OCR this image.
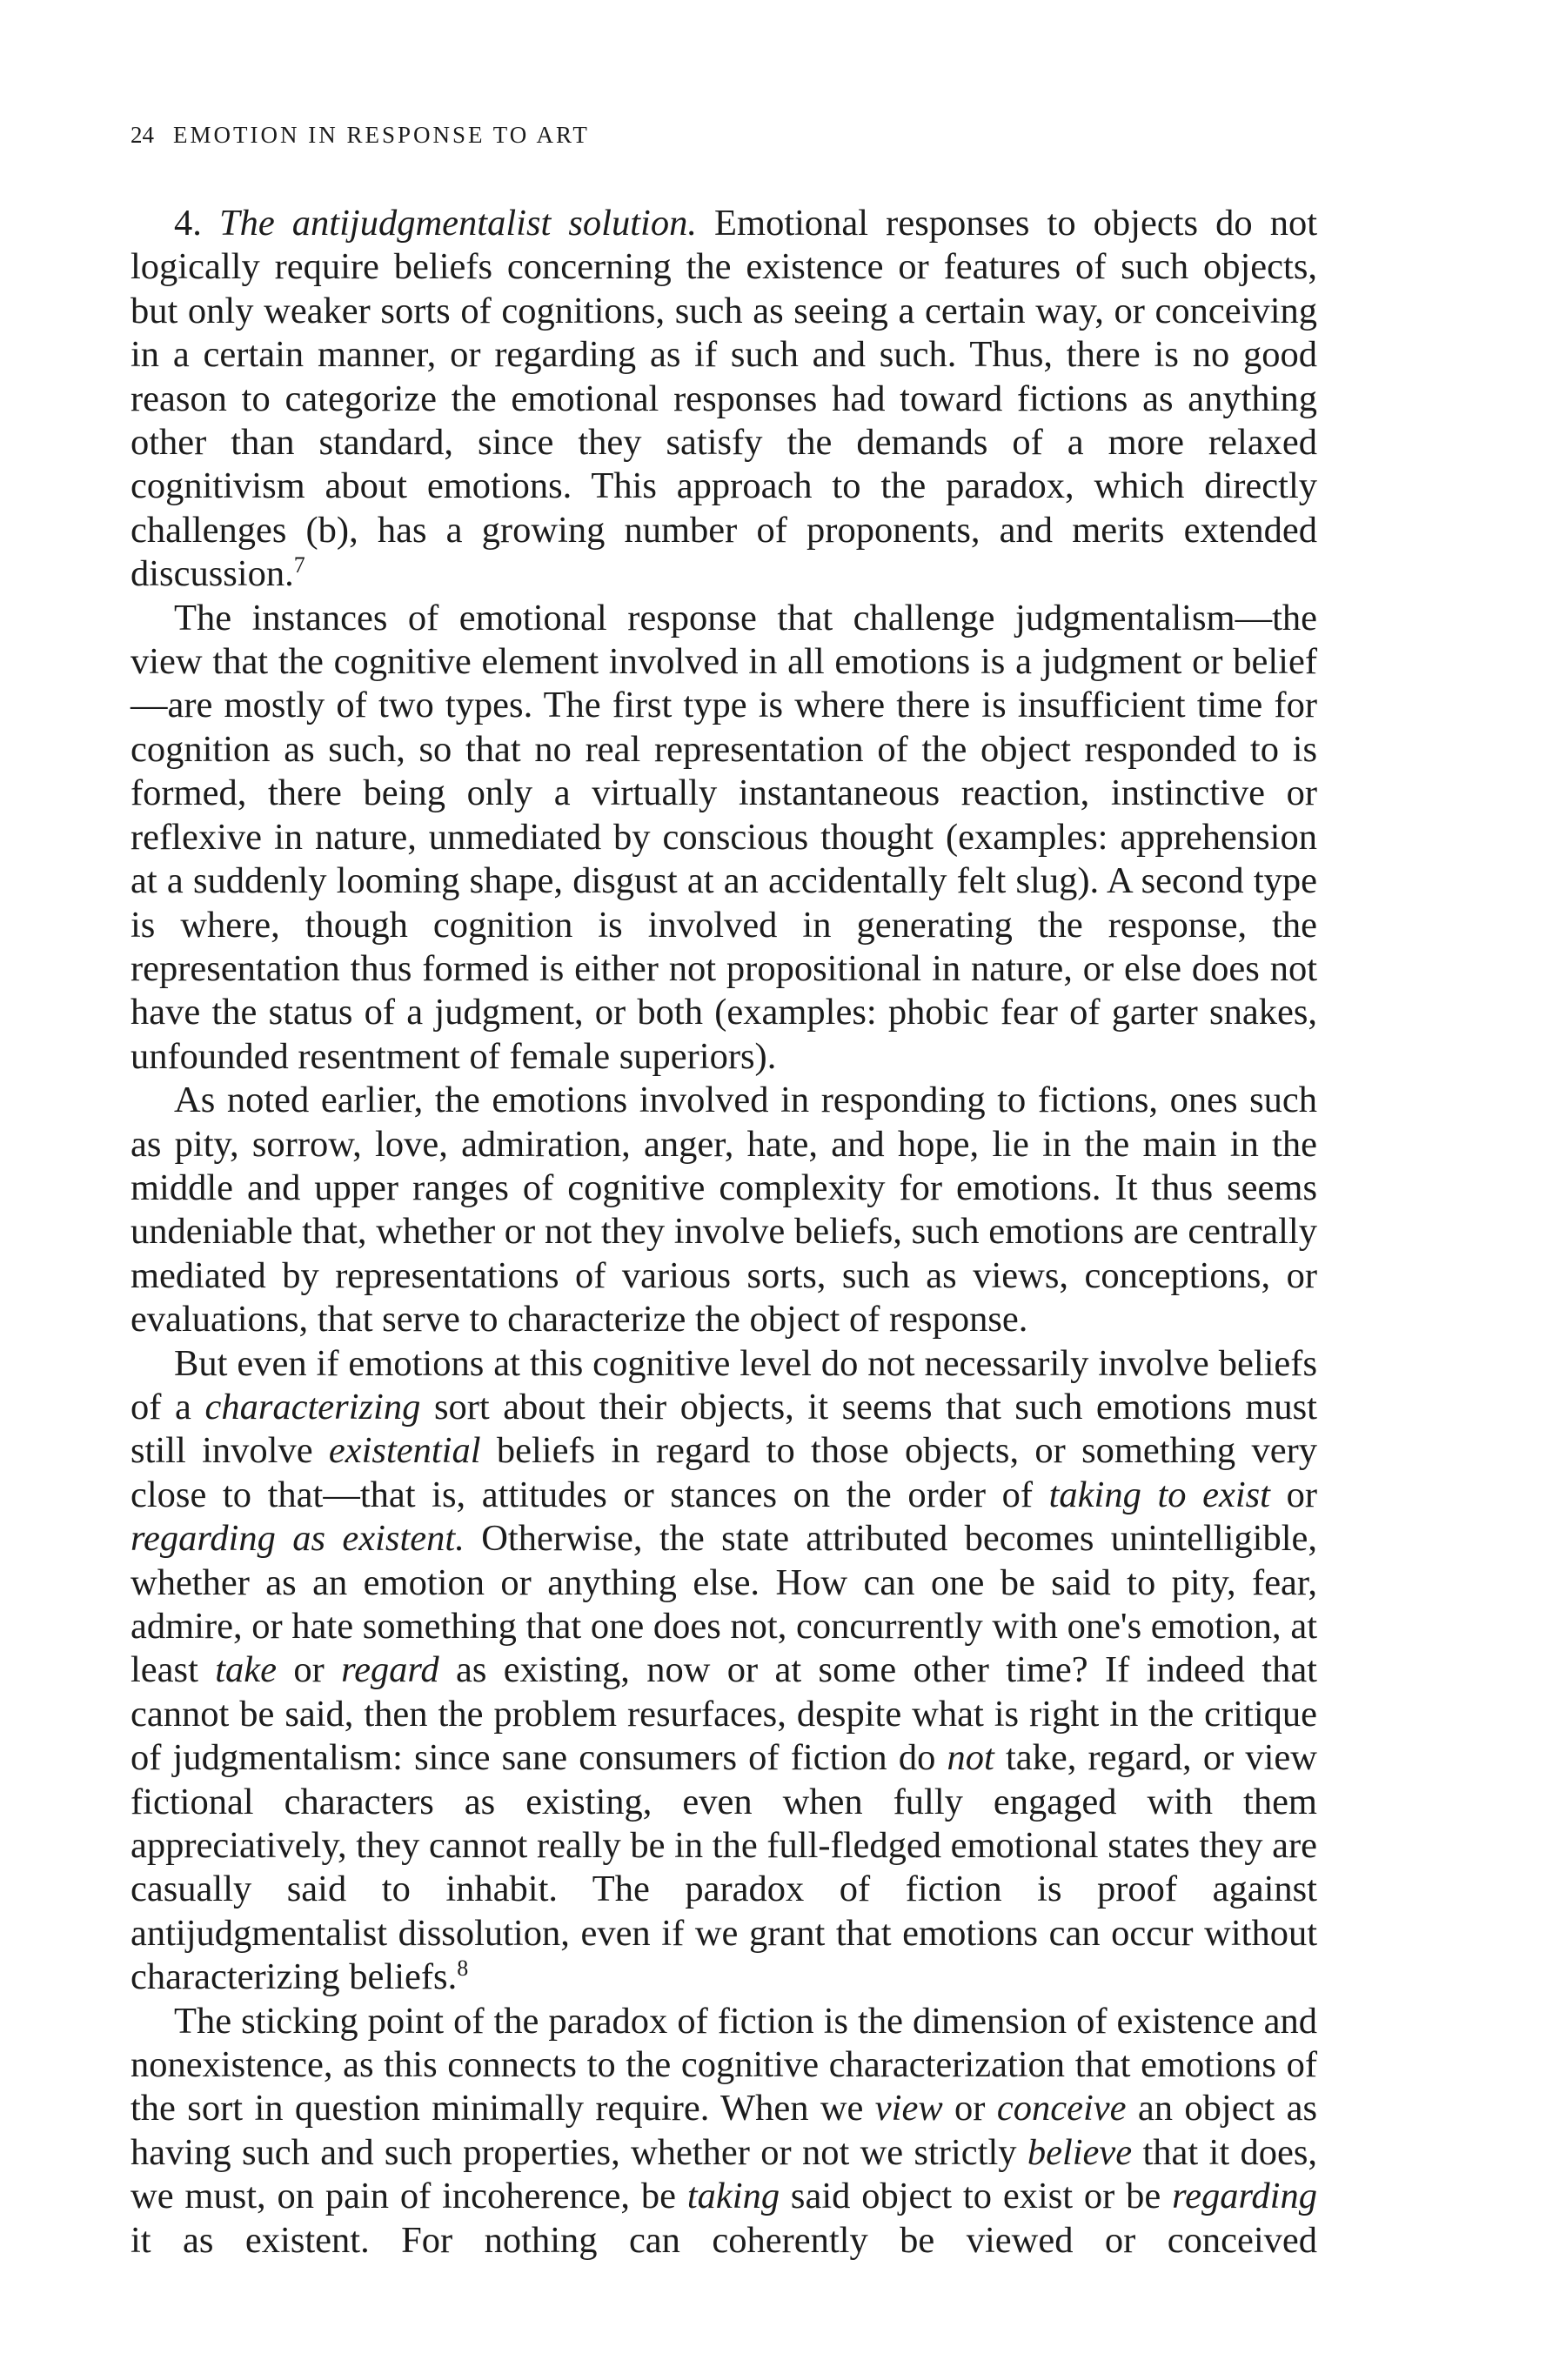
24 EMOTION IN RESPONSE TO ART

4. The antijudgmentalist solution. Emotional responses to objects do not logically require beliefs concerning the existence or features of such objects, but only weaker sorts of cognitions, such as seeing a certain way, or conceiving in a certain manner, or regarding as if such and such. Thus, there is no good reason to categorize the emotional responses had toward fictions as anything other than standard, since they satisfy the demands of a more relaxed cognitivism about emotions. This approach to the paradox, which directly challenges (b), has a growing number of proponents, and merits extended discussion.$^7$

The instances of emotional response that challenge judgmentalism—the view that the cognitive element involved in all emotions is a judgment or belief—are mostly of two types. The first type is where there is insufficient time for cognition as such, so that no real representation of the object responded to is formed, there being only a virtually instantaneous reaction, instinctive or reflexive in nature, unmediated by conscious thought (examples: apprehension at a suddenly looming shape, disgust at an accidentally felt slug). A second type is where, though cognition is involved in generating the response, the representation thus formed is either not propositional in nature, or else does not have the status of a judgment, or both (examples: phobic fear of garter snakes, unfounded resentment of female superiors).

As noted earlier, the emotions involved in responding to fictions, ones such as pity, sorrow, love, admiration, anger, hate, and hope, lie in the main in the middle and upper ranges of cognitive complexity for emotions. It thus seems undeniable that, whether or not they involve beliefs, such emotions are centrally mediated by representations of various sorts, such as views, conceptions, or evaluations, that serve to characterize the object of response.

But even if emotions at this cognitive level do not necessarily involve beliefs of a characterizing sort about their objects, it seems that such emotions must still involve existential beliefs in regard to those objects, or something very close to that—that is, attitudes or stances on the order of taking to exist or regarding as existent. Otherwise, the state attributed becomes unintelligible, whether as an emotion or anything else. How can one be said to pity, fear, admire, or hate something that one does not, concurrently with one's emotion, at least take or regard as existing, now or at some other time? If indeed that cannot be said, then the problem resurfaces, despite what is right in the critique of judgmentalism: since sane consumers of fiction do not take, regard, or view fictional characters as existing, even when fully engaged with them appreciatively, they cannot really be in the full-fledged emotional states they are casually said to inhabit. The paradox of fiction is proof against antijudgmentalist dissolution, even if we grant that emotions can occur without characterizing beliefs.$^8$

The sticking point of the paradox of fiction is the dimension of existence and nonexistence, as this connects to the cognitive characterization that emotions of the sort in question minimally require. When we view or conceive an object as having such and such properties, whether or not we strictly believe that it does, we must, on pain of incoherence, be taking said object to exist or be regarding it as existent. For nothing can coherently be viewed or conceived
